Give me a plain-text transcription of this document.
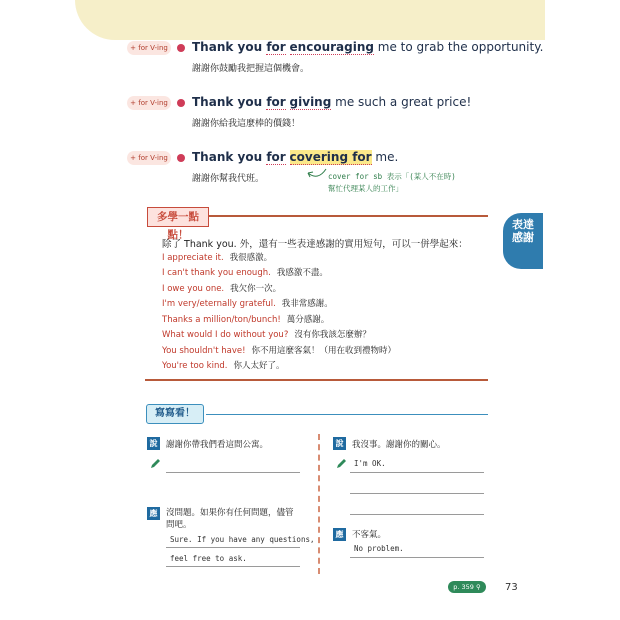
+ for V-ing Thank you for encouraging me to grab the opportunity.
謝謝你鼓勵我把握這個機會。
+ for V-ing Thank you for giving me such a great price!
謝謝你給我這麼棒的價錢！
+ for V-ing Thank you for covering for me.
謝謝你幫我代班。	cover for sb 表示「(某人不在時)
幫忙代理某人的工作」
表達感謝
多學一點點！
除了 Thank you. 外，還有一些表達感謝的實用短句，可以一併學起來：
I appreciate it. 我很感激。
I can't thank you enough. 我感激不盡。
I owe you one. 我欠你一次。
I'm very/eternally grateful. 我非常感謝。
Thanks a million/ton/bunch! 萬分感謝。
What would I do without you? 沒有你我該怎麼辦？
You shouldn't have! 你不用這麼客氣！（用在收到禮物時）
You're too kind. 你人太好了。
寫寫看！
說 謝謝你帶我們看這間公寓。
應 沒問題。如果你有任何問題，儘管
問吧。
Sure. If you have any questions,
feel free to ask.
說 我沒事。謝謝你的關心。
I'm OK.
應 不客氣。
No problem.
p. 359 ⚲	73
